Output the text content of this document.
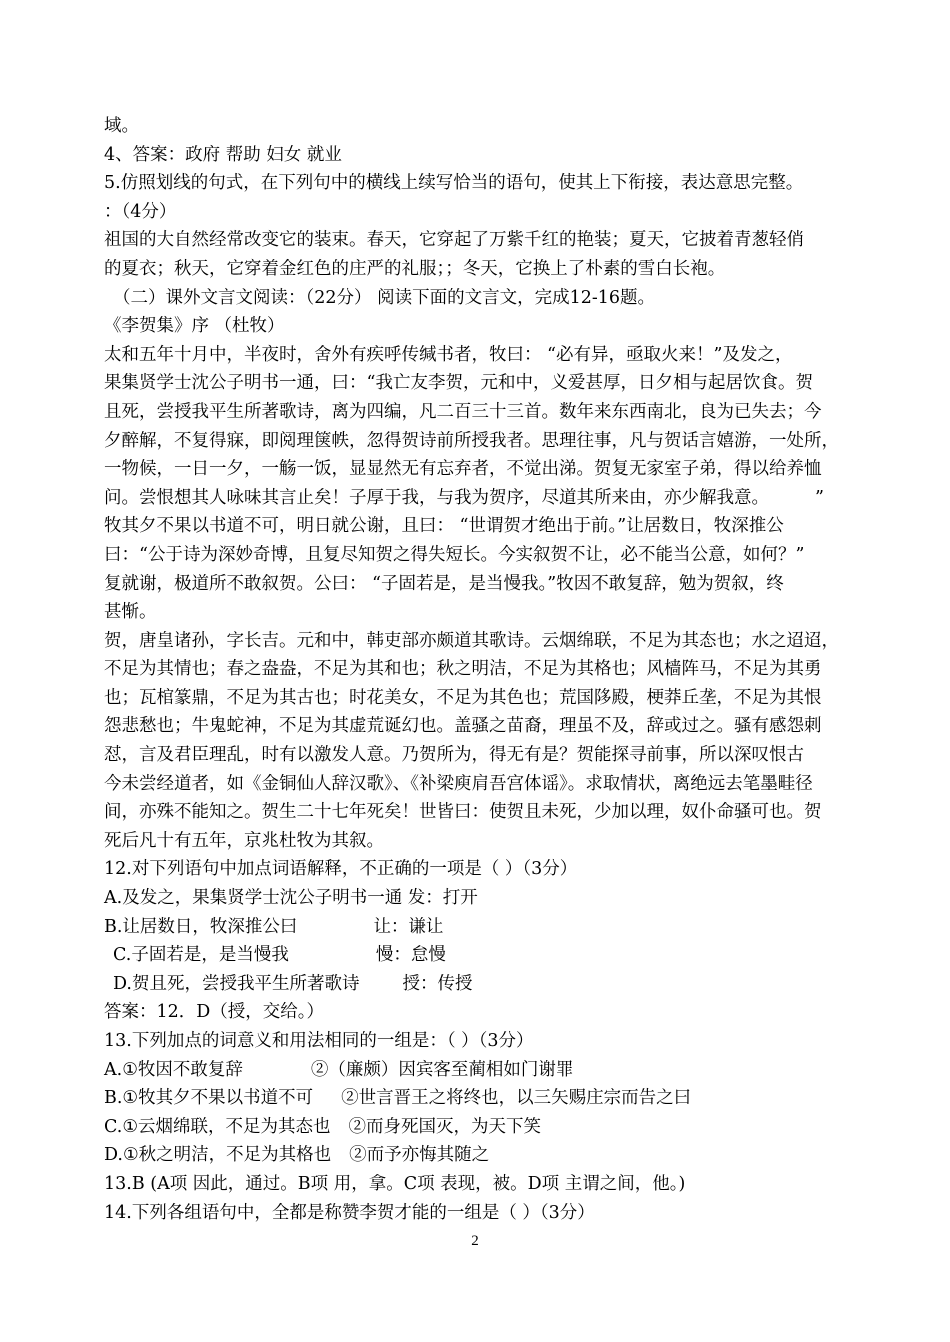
域。
4、答案：政府 帮助 妇女 就业
5.仿照划线的句式，在下列句中的横线上续写恰当的语句，使其上下衔接，表达意思完整。
：（4分）
祖国的大自然经常改变它的装束。春天，它穿起了万紫千红的艳装；夏天，它披着青葱轻俏
的夏衣；秋天，它穿着金红色的庄严的礼服；；冬天，它换上了朴素的雪白长袍。
（二）课外文言文阅读：（22分） 阅读下面的文言文，完成12-16题。
《李贺集》序 （杜牧）
太和五年十月中，半夜时，舍外有疾呼传缄书者，牧曰： “必有异，亟取火来！”及发之，
果集贤学士沈公子明书一通，曰：“我亡友李贺，元和中，义爱甚厚，日夕相与起居饮食。贺
且死，尝授我平生所著歌诗，离为四编，凡二百三十三首。数年来东西南北，良为已失去；今
夕醉解，不复得寐，即阅理箧帙，忽得贺诗前所授我者。思理往事，凡与贺话言嬉游，一处所，
一物候，一日一夕，一觞一饭，显显然无有忘弃者，不觉出涕。贺复无家室子弟，得以给养恤
问。尝恨想其人咏味其言止矣！子厚于我，与我为贺序，尽道其所来由，亦少解我意。	”
牧其夕不果以书道不可，明日就公谢，且曰： “世谓贺才绝出于前。”让居数日，牧深推公
曰：“公于诗为深妙奇博，且复尽知贺之得失短长。今实叙贺不让，必不能当公意，如何？”
复就谢，极道所不敢叙贺。公曰： “子固若是，是当慢我。”牧因不敢复辞，勉为贺叙，终
甚惭。
贺，唐皇诸孙，字长吉。元和中，韩吏部亦颇道其歌诗。云烟绵联，不足为其态也；水之迢迢，
不足为其情也；春之盎盎，不足为其和也；秋之明洁，不足为其格也；风樯阵马，不足为其勇
也；瓦棺篆鼎，不足为其古也；时花美女，不足为其色也；荒国陊殿，梗莽丘垄，不足为其恨
怨悲愁也；牛鬼蛇神，不足为其虚荒诞幻也。盖骚之苗裔，理虽不及，辞或过之。骚有感怨刺
怼，言及君臣理乱，时有以激发人意。乃贺所为，得无有是？贺能探寻前事，所以深叹恨古
今未尝经道者，如《金铜仙人辞汉歌》、《补梁庾肩吾宫体谣》。求取情状，离绝远去笔墨畦径
间，亦殊不能知之。贺生二十七年死矣！世皆曰：使贺且未死，少加以理，奴仆命骚可也。贺
死后凡十有五年，京兆杜牧为其叙。
12.对下列语句中加点词语解释，不正确的一项是（ ）（3分）
A.及发之，果集贤学士沈公子明书一通 发：打开
B.让居数日，牧深推公曰	让：谦让
C.子固若是，是当慢我	慢：怠慢
D.贺且死，尝授我平生所著歌诗 授：传授
答案：12．D（授，交给。）
13.下列加点的词意义和用法相同的一组是：（ ）（3分）
A.①牧因不敢复辞	②（廉颇）因宾客至蔺相如门谢罪
B.①牧其夕不果以书道不可 ②世言晋王之将终也，以三矢赐庄宗而告之曰
C.①云烟绵联，不足为其态也 ②而身死国灭，为天下笑
D.①秋之明洁，不足为其格也 ②而予亦悔其随之
13.B (A项 因此，通过。B项 用，拿。C项 表现，被。D项 主谓之间，他。)
14.下列各组语句中，全都是称赞李贺才能的一组是（ ）（3分）
2
